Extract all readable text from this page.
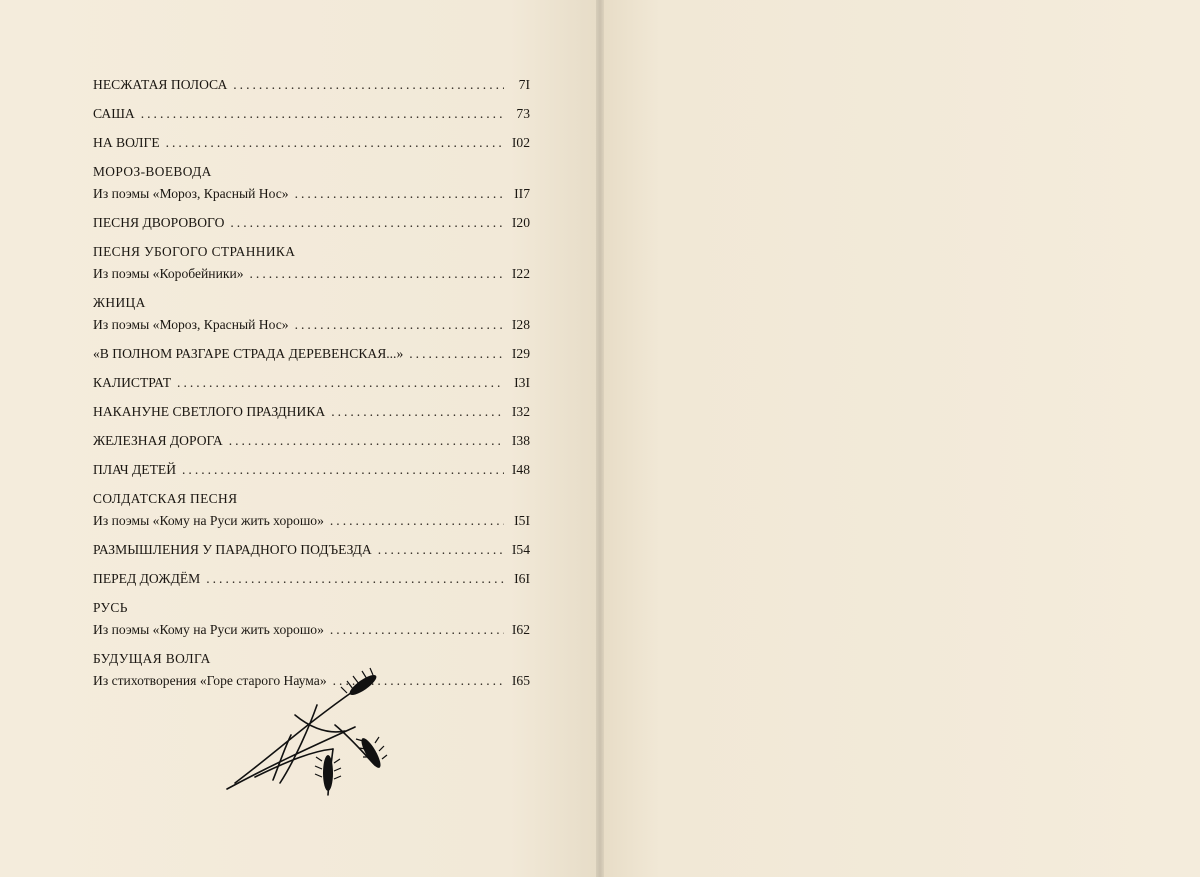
НЕСЖАТАЯ ПОЛОСА .....	7I
САША .....	73
НА ВОЛГЕ .....	I02
МОРОЗ-ВОЕВОДА
Из поэмы «Мороз, Красный Нос» .....	II7
ПЕСНЯ ДВОРОВОГО .....	I20
ПЕСНЯ УБОГОГО СТРАННИКА
Из поэмы «Коробейники» .....	I22
ЖНИЦА
Из поэмы «Мороз, Красный Нос» .....	I28
«В ПОЛНОМ РАЗГАРЕ СТРАДА ДЕРЕВЕНСКАЯ...» .....	I29
КАЛИСТРАТ .....	I3I
НАКАНУНЕ СВЕТЛОГО ПРАЗДНИКА .....	I32
ЖЕЛЕЗНАЯ ДОРОГА .....	I38
ПЛАЧ ДЕТЕЙ .....	I48
СОЛДАТСКАЯ ПЕСНЯ
Из поэмы «Кому на Руси жить хорошо» .....	I5I
РАЗМЫШЛЕНИЯ У ПАРАДНОГО ПОДЪЕЗДА .....	I54
ПЕРЕД ДОЖДЁМ .....	I6I
РУСЬ
Из поэмы «Кому на Руси жить хорошо» .....	I62
БУДУЩАЯ ВОЛГА
Из стихотворения «Горе старого Наума» .....	I65
